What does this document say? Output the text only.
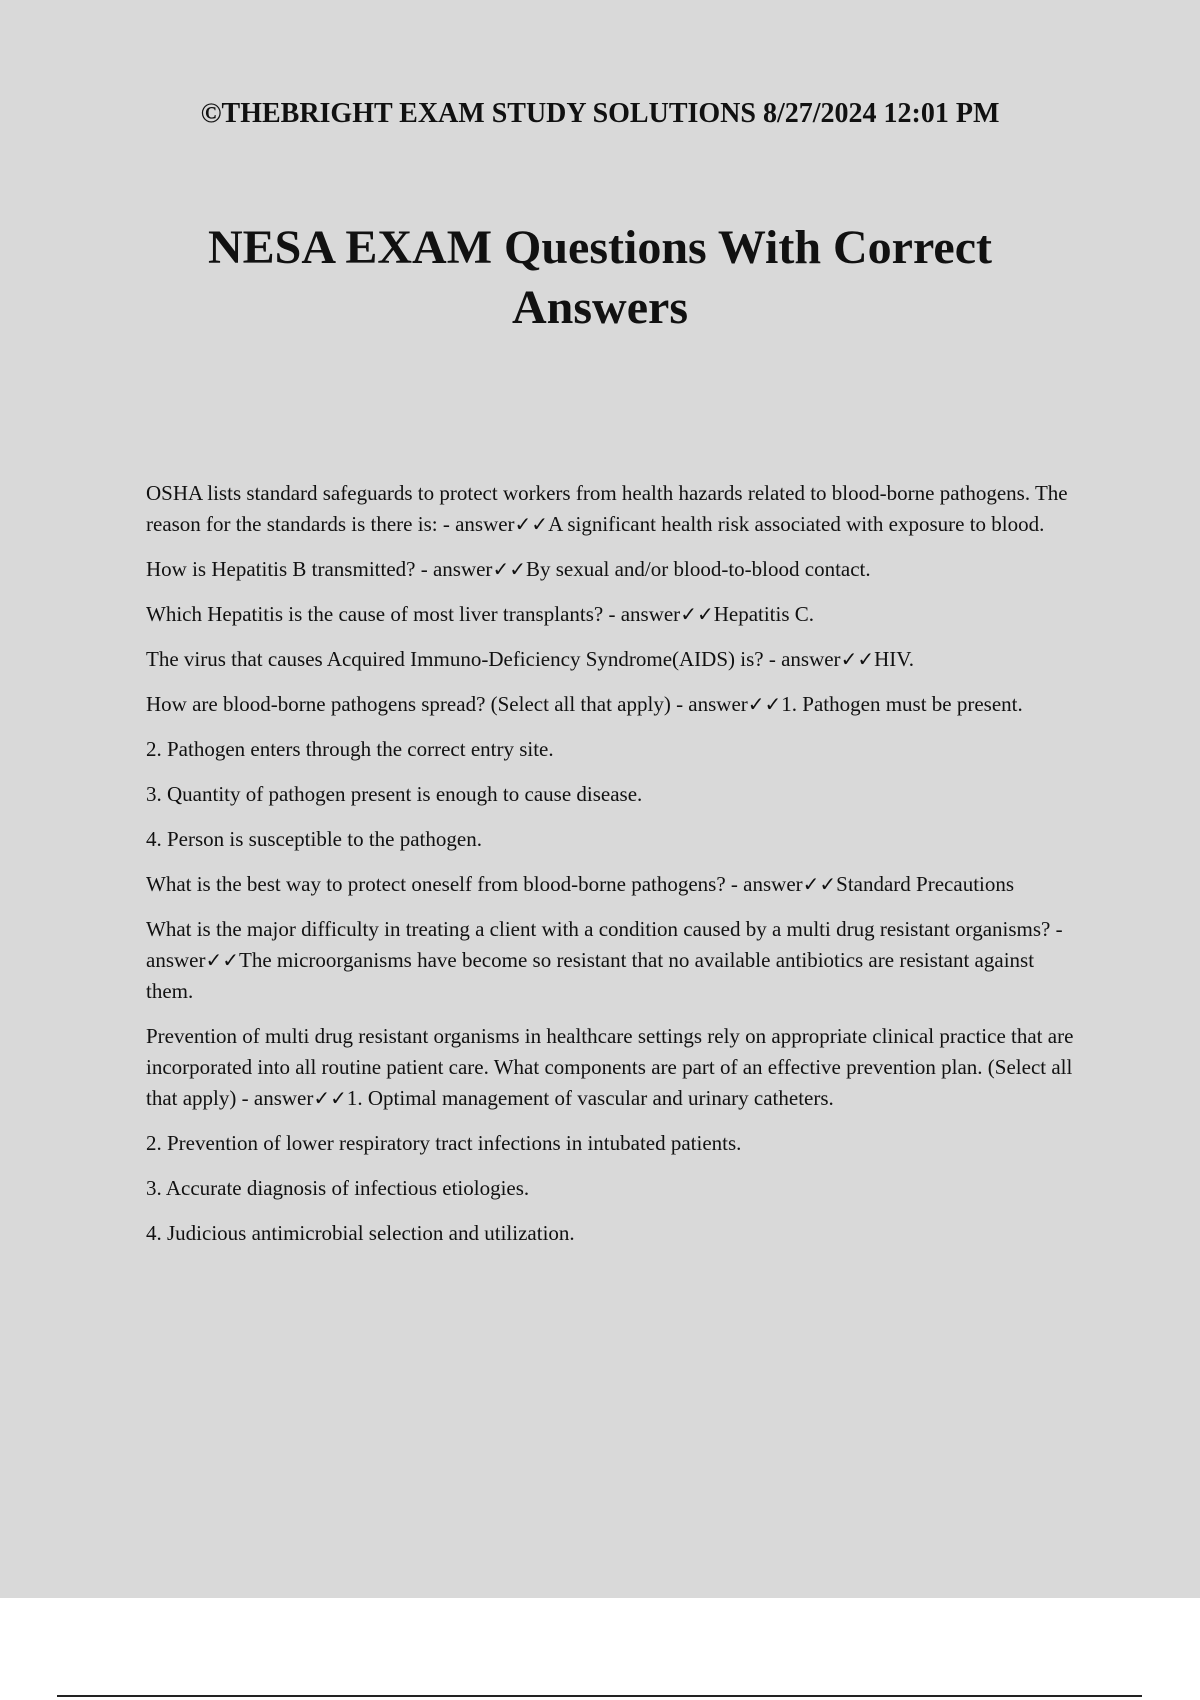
©THEBRIGHT EXAM STUDY SOLUTIONS 8/27/2024 12:01 PM
NESA EXAM Questions With Correct Answers

OSHA lists standard safeguards to protect workers from health hazards related to blood-borne pathogens. The reason for the standards is there is: - answer✓✓A significant health risk associated with exposure to blood.

How is Hepatitis B transmitted? - answer✓✓By sexual and/or blood-to-blood contact.

Which Hepatitis is the cause of most liver transplants? - answer✓✓Hepatitis C.

The virus that causes Acquired Immuno-Deficiency Syndrome(AIDS) is? - answer✓✓HIV.

How are blood-borne pathogens spread? (Select all that apply) - answer✓✓1. Pathogen must be present.

2. Pathogen enters through the correct entry site.

3. Quantity of pathogen present is enough to cause disease.

4. Person is susceptible to the pathogen.

What is the best way to protect oneself from blood-borne pathogens? - answer✓✓Standard Precautions

What is the major difficulty in treating a client with a condition caused by a multi drug resistant organisms? - answer✓✓The microorganisms have become so resistant that no available antibiotics are resistant against them.

Prevention of multi drug resistant organisms in healthcare settings rely on appropriate clinical practice that are incorporated into all routine patient care. What components are part of an effective prevention plan. (Select all that apply) - answer✓✓1. Optimal management of vascular and urinary catheters.

2. Prevention of lower respiratory tract infections in intubated patients.

3. Accurate diagnosis of infectious etiologies.

4. Judicious antimicrobial selection and utilization.
